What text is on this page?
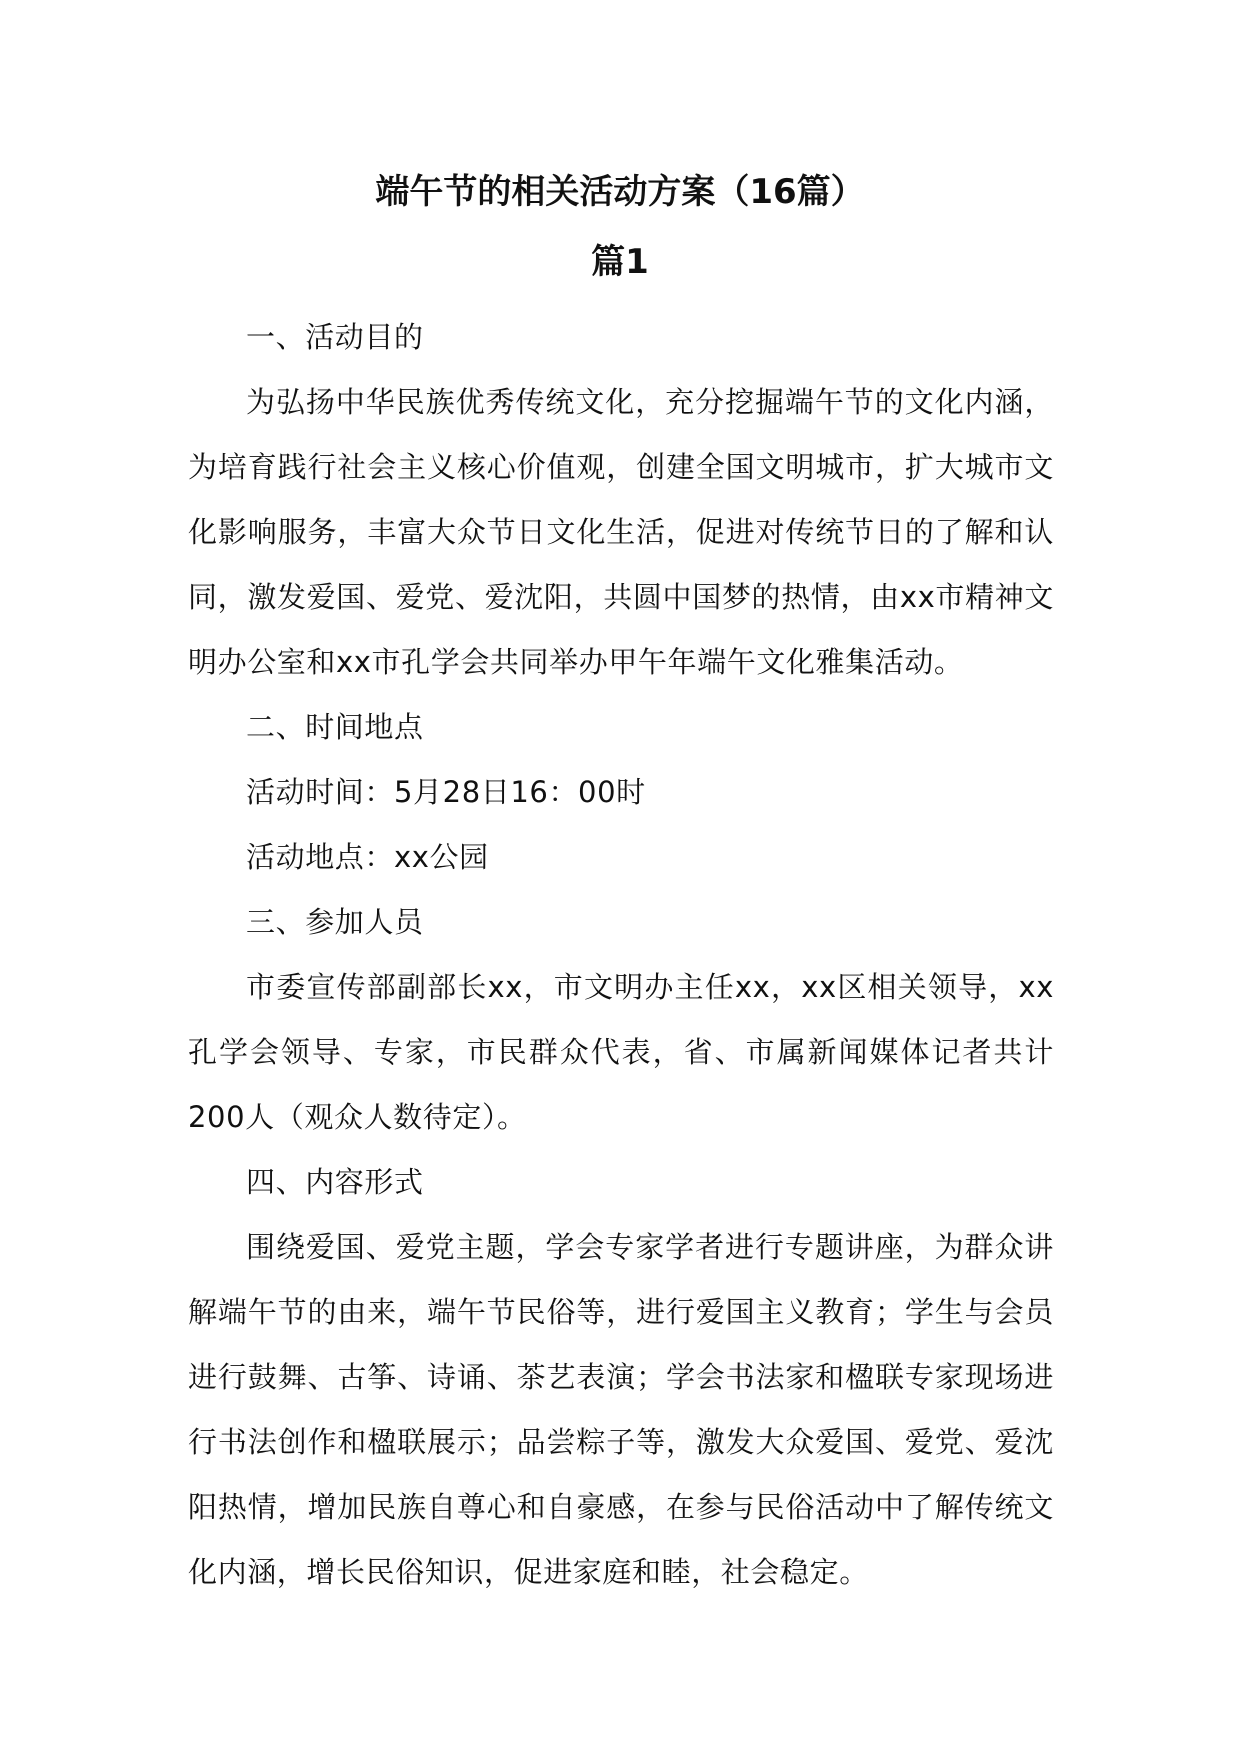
端午节的相关活动方案（16篇）
篇1

一、活动目的

为弘扬中华民族优秀传统文化，充分挖掘端午节的文化内涵，为培育践行社会主义核心价值观，创建全国文明城市，扩大城市文化影响服务，丰富大众节日文化生活，促进对传统节日的了解和认同，激发爱国、爱党、爱沈阳，共圆中国梦的热情，由xx市精神文明办公室和xx市孔学会共同举办甲午年端午文化雅集活动。

二、时间地点

活动时间：5月28日16：00时

活动地点：xx公园

三、参加人员

市委宣传部副部长xx，市文明办主任xx，xx区相关领导，xx孔学会领导、专家，市民群众代表，省、市属新闻媒体记者共计200人（观众人数待定）。

四、内容形式

围绕爱国、爱党主题，学会专家学者进行专题讲座，为群众讲解端午节的由来，端午节民俗等，进行爱国主义教育；学生与会员进行鼓舞、古筝、诗诵、茶艺表演；学会书法家和楹联专家现场进行书法创作和楹联展示；品尝粽子等，激发大众爱国、爱党、爱沈阳热情，增加民族自尊心和自豪感，在参与民俗活动中了解传统文化内涵，增长民俗知识，促进家庭和睦，社会稳定。
